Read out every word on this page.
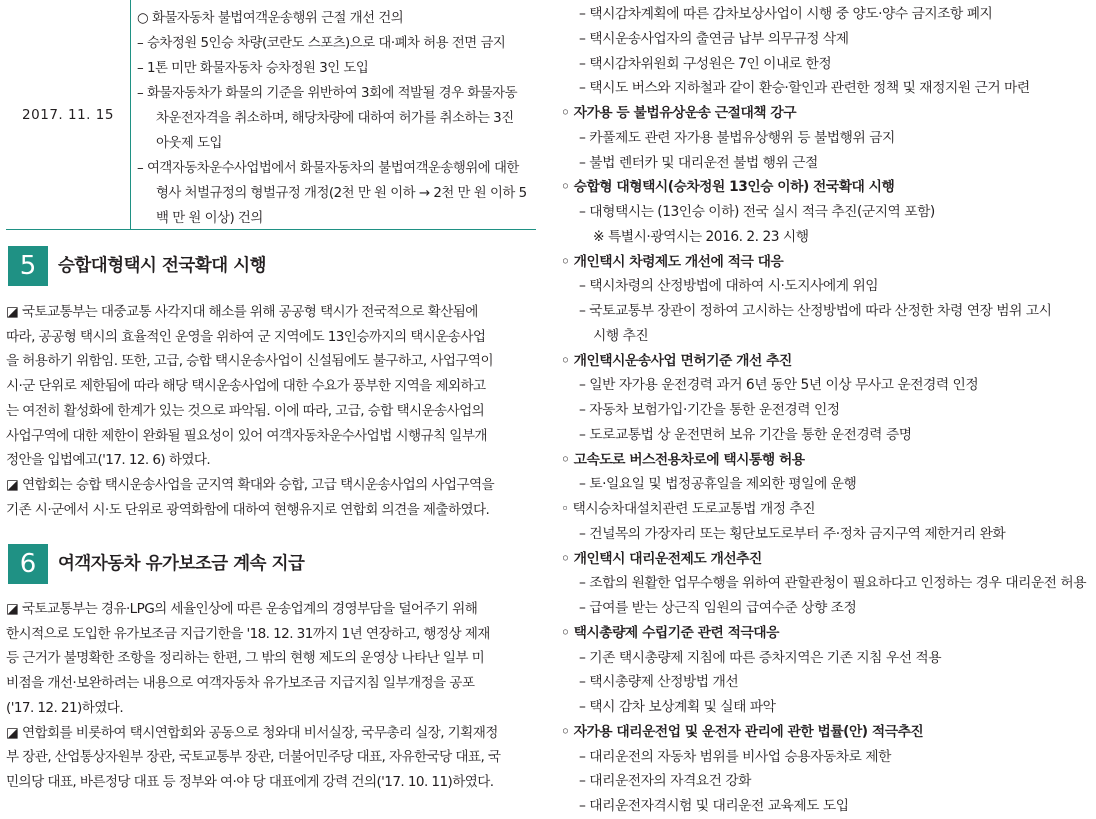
2017. 11. 15
○ 화물자동차 불법여객운송행위 근절 개선 건의
– 승차정원 5인승 차량(코란도 스포츠)으로 대·폐차 허용 전면 금지
– 1톤 미만 화물자동차 승차정원 3인 도입
– 화물자동차가 화물의 기준을 위반하여 3회에 적발될 경우 화물자동
차운전자격을 취소하며, 해당차량에 대하여 허가를 취소하는 3진
아웃제 도입
– 여객자동차운수사업법에서 화물자동차의 불법여객운송행위에 대한
형사 처벌규정의 형벌규정 개정(2천 만 원 이하 → 2천 만 원 이하 5
백 만 원 이상) 건의
5	승합대형택시 전국확대 시행
◪ 국토교통부는 대중교통 사각지대 해소를 위해 공공형 택시가 전국적으로 확산됨에
따라, 공공형 택시의 효율적인 운영을 위하여 군 지역에도 13인승까지의 택시운송사업
을 허용하기 위함임. 또한, 고급, 승합 택시운송사업이 신설됨에도 불구하고, 사업구역이
시·군 단위로 제한됨에 따라 해당 택시운송사업에 대한 수요가 풍부한 지역을 제외하고
는 여전히 활성화에 한계가 있는 것으로 파악됨. 이에 따라, 고급, 승합 택시운송사업의
사업구역에 대한 제한이 완화될 필요성이 있어 여객자동차운수사업법 시행규칙 일부개
정안을 입법예고('17. 12. 6) 하였다.
◪ 연합회는 승합 택시운송사업을 군지역 확대와 승합, 고급 택시운송사업의 사업구역을
기존 시·군에서 시·도 단위로 광역화함에 대하여 현행유지로 연합회 의견을 제출하였다.
6	여객자동차 유가보조금 계속 지급
◪ 국토교통부는 경유·LPG의 세율인상에 따른 운송업계의 경영부담을 덜어주기 위해
한시적으로 도입한 유가보조금 지급기한을 '18. 12. 31까지 1년 연장하고, 행정상 제재
등 근거가 불명확한 조항을 정리하는 한편, 그 밖의 현행 제도의 운영상 나타난 일부 미
비점을 개선·보완하려는 내용으로 여객자동차 유가보조금 지급지침 일부개정을 공포
('17. 12. 21)하였다.
◪ 연합회를 비롯하여 택시연합회와 공동으로 청와대 비서실장, 국무총리 실장, 기획재정
부 장관, 산업통상자원부 장관, 국토교통부 장관, 더불어민주당 대표, 자유한국당 대표, 국
민의당 대표, 바른정당 대표 등 정부와 여·야 당 대표에게 강력 건의('17. 10. 11)하였다.
– 택시감차계획에 따른 감차보상사업이 시행 중 양도·양수 금지조항 폐지
– 택시운송사업자의 출연금 납부 의무규정 삭제
– 택시감차위원회 구성원은 7인 이내로 한정
– 택시도 버스와 지하철과 같이 환승·할인과 관련한 정책 및 재정지원 근거 마련
◦ 자가용 등 불법유상운송 근절대책 강구
– 카풀제도 관련 자가용 불법유상행위 등 불법행위 금지
– 불법 렌터카 및 대리운전 불법 행위 근절
◦ 승합형 대형택시(승차정원 13인승 이하) 전국확대 시행
– 대형택시는 (13인승 이하) 전국 실시 적극 추진(군지역 포함)
※ 특별시·광역시는 2016. 2. 23 시행
◦ 개인택시 차령제도 개선에 적극 대응
– 택시차령의 산정방법에 대하여 시·도지사에게 위임
– 국토교통부 장관이 정하여 고시하는 산정방법에 따라 산정한 차령 연장 범위 고시
시행 추진
◦ 개인택시운송사업 면허기준 개선 추진
– 일반 자가용 운전경력 과거 6년 동안 5년 이상 무사고 운전경력 인정
– 자동차 보험가입·기간을 통한 운전경력 인정
– 도로교통법 상 운전면허 보유 기간을 통한 운전경력 증명
◦ 고속도로 버스전용차로에 택시통행 허용
– 토·일요일 및 법정공휴일을 제외한 평일에 운행
◦ 택시승차대설치관련 도로교통법 개정 추진
– 건널목의 가장자리 또는 횡단보도로부터 주·정차 금지구역 제한거리 완화
◦ 개인택시 대리운전제도 개선추진
– 조합의 원활한 업무수행을 위하여 관할관청이 필요하다고 인정하는 경우 대리운전 허용
– 급여를 받는 상근직 임원의 급여수준 상향 조정
◦ 택시총량제 수립기준 관련 적극대응
– 기존 택시총량제 지침에 따른 증차지역은 기존 지침 우선 적용
– 택시총량제 산정방법 개선
– 택시 감차 보상계획 및 실태 파악
◦ 자가용 대리운전업 및 운전자 관리에 관한 법률(안) 적극추진
– 대리운전의 자동차 범위를 비사업 승용자동차로 제한
– 대리운전자의 자격요건 강화
– 대리운전자격시험 및 대리운전 교육제도 도입
